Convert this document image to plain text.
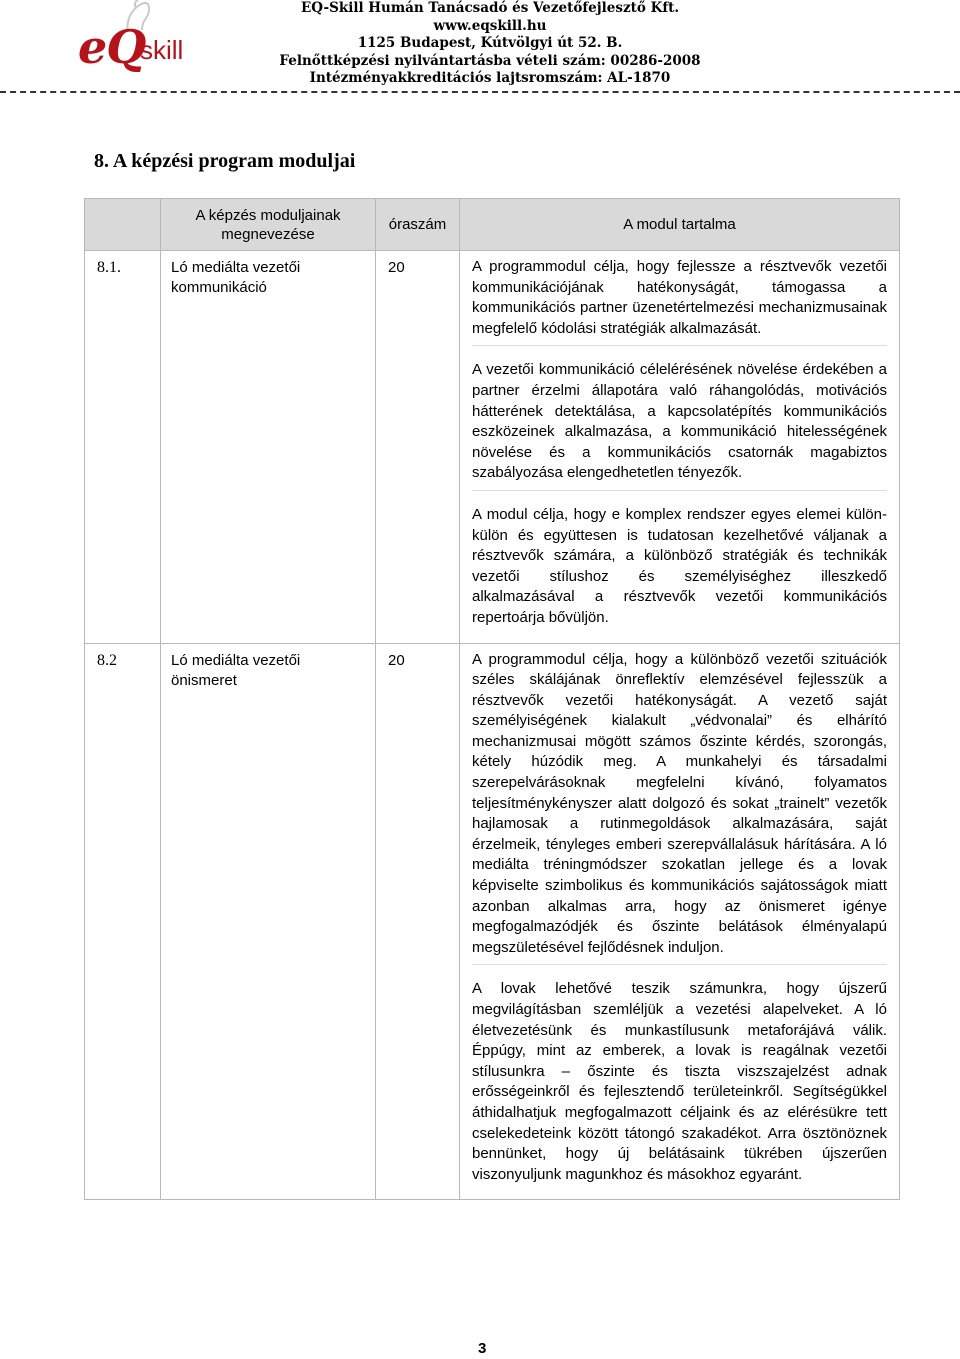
eQ
skill
EQ-Skill Humán Tanácsadó és Vezetőfejlesztő Kft.
www.eqskill.hu
1125 Budapest, Kútvölgyi út 52. B.
Felnőttképzési nyilvántartásba vételi szám: 00286-2008
Intézményakkreditációs lajtsromszám: AL-1870
8. A képzési program moduljai

	A képzés moduljainak megnevezése	óraszám	A modul tartalma
8.1.	Ló mediálta vezetői kommunikáció	20	A programmodul célja, hogy fejlessze a résztvevők vezetői kommunikációjának hatékonyságát, támogassa a kommunikációs partner üzenetértelmezési mechanizmusainak megfelelő kódolási stratégiák alkalmazását.

A vezetői kommunikáció célelérésének növelése érdekében a partner érzelmi állapotára való ráhangolódás, motivációs hátterének detektálása, a kapcsolatépítés kommunikációs eszközeinek alkalmazása, a kommunikáció hitelességének növelése és a kommunikációs csatornák magabiztos szabályozása elengedhetetlen tényezők.

A modul célja, hogy e komplex rendszer egyes elemei külön-külön és együttesen is tudatosan kezelhetővé váljanak a résztvevők számára, a különböző stratégiák és technikák vezetői stílushoz és személyiséghez illeszkedő alkalmazásával a résztvevők vezetői kommunikációs repertoárja bővüljön.

8.2	Ló mediálta vezetői önismeret	20	A programmodul célja, hogy a különböző vezetői szituációk széles skálájának önreflektív elemzésével fejlesszük a résztvevők vezetői hatékonyságát. A vezető saját személyiségének kialakult „védvonalai” és elhárító mechanizmusai mögött számos őszinte kérdés, szorongás, kétely húzódik meg. A munkahelyi és társadalmi szerepelvárásoknak megfelelni kívánó, folyamatos teljesítménykényszer alatt dolgozó és sokat „trainelt” vezetők hajlamosak a rutinmegoldások alkalmazására, saját érzelmeik, tényleges emberi szerepvállalásuk hárítására. A ló mediálta tréningmódszer szokatlan jellege és a lovak képviselte szimbolikus és kommunikációs sajátosságok miatt azonban alkalmas arra, hogy az önismeret igénye megfogalmazódjék és őszinte belátások élményalapú megszületésével fejlődésnek induljon.

A lovak lehetővé teszik számunkra, hogy újszerű megvilágításban szemléljük a vezetési alapelveket. A ló életvezetésünk és munkastílusunk metaforájává válik. Éppúgy, mint az emberek, a lovak is reagálnak vezetői stílusunkra – őszinte és tiszta viszszajelzést adnak erősségeinkről és fejlesztendő területeinkről. Segítségükkel áthidalhatjuk megfogalmazott céljaink és az elérésükre tett cselekedeteink között tátongó szakadékot. Arra ösztönöznek bennünket, hogy új belátásaink tükrében újszerűen viszonyuljunk magunkhoz és másokhoz egyaránt.

3
